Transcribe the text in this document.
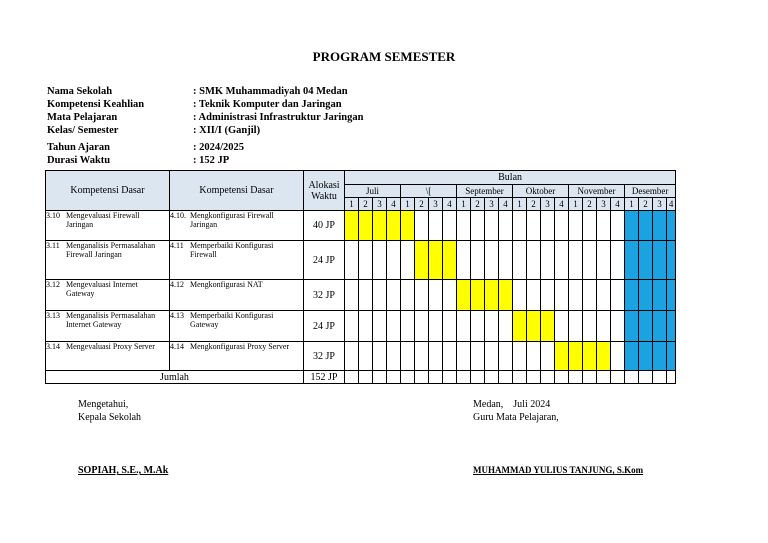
PROGRAM SEMESTER
Nama Sekolah	: SMK Muhammadiyah 04 Medan
Kompetensi Keahlian	: Teknik Komputer dan Jaringan
Mata Pelajaran	: Administrasi Infrastruktur Jaringan
Kelas/ Semester	: XII/I (Ganjil)
Tahun Ajaran	: 2024/2025
Durasi Waktu	: 152 JP
Kompetensi Dasar	Kompetensi Dasar	Alokasi Waktu	Bulan																							
			Juli				\[				September				Oktober				November				Desember			
			1	2	3	4	1	2	3	4	1	2	3	4	1	2	3	4	1	2	3	4	1	2	3	4

3.10 Mengevaluasi Firewall Jaringan	4.10. Mengkonfigurasi Firewall Jaringan	40 JP																								

3.11 Menganalisis Permasalahan Firewall Jaringan	4.11 Memperbaiki Konfigurasi Firewall	24 JP																								

3.12 Mengevaluasi Internet Gateway	4.12 Mengkonfigurasi NAT	32 JP																								

3.13 Menganalisis Permasalahan Internet Gateway	4.13 Memperbaiki Konfigurasi Gateway	24 JP																								

3.14 Mengevaluasi Proxy Server	4.14 Mengkonfigurasi Proxy Server	32 JP																								
Jumlah		152 JP																								
Mengetahui,
Kepala Sekolah
SOPIAH, S.E., M.Ak
Medan,    Juli 2024
Guru Mata Pelajaran,
MUHAMMAD YULIUS TANJUNG, S.Kom
